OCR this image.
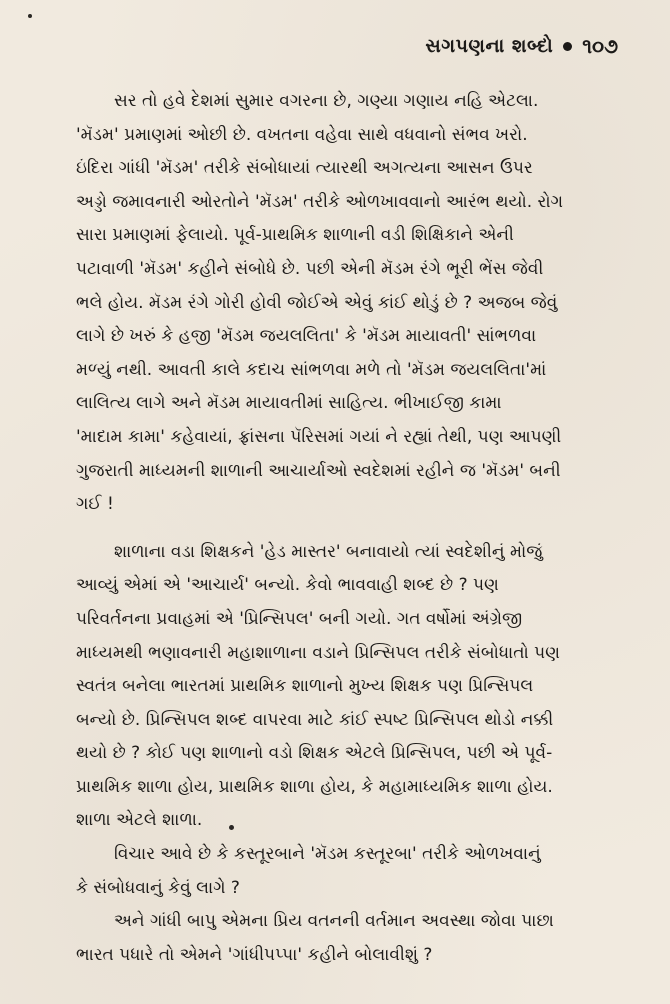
સગપણના શબ્દો ૧૦૭
સર તો હવે દેશમાં સુમાર વગરના છે, ગણ્યા ગણાય નહિ એટલા.
'મૅડમ' પ્રમાણમાં ઓછી છે. વખતના વહેવા સાથે વધવાનો સંભવ ખરો.
ઇંદિરા ગાંધી 'મૅડમ' તરીકે સંબોધાયાં ત્યારથી અગત્યના આસન ઉપર
અડ્ડો જમાવનારી ઓરતોને 'મૅડમ' તરીકે ઓળખાવવાનો આરંભ થયો. રોગ
સારા પ્રમાણમાં ફેલાયો. પૂર્વ-પ્રાથમિક શાળાની વડી શિક્ષિકાને એની
પટાવાળી 'મૅડમ' કહીને સંબોધે છે. પછી એની મૅડમ રંગે ભૂરી ભેંસ જેવી
ભલે હોય. મૅડમ રંગે ગોરી હોવી જોઈએ એવું કાંઈ થોડું છે ? અજબ જેવું
લાગે છે ખરું કે હજી 'મૅડમ જયલલિતા' કે 'મૅડમ માયાવતી' સાંભળવા
મળ્યું નથી. આવતી કાલે કદાચ સાંભળવા મળે તો 'મૅડમ જયલલિતા'માં
લાલિત્ય લાગે અને મૅડમ માયાવતીમાં સાહિત્ય. ભીખાઈજી કામા
'માદામ કામા' કહેવાયાં, ફ્રાંસના પૅરિસમાં ગયાં ને રહ્યાં તેથી, પણ આપણી
ગુજરાતી માધ્યમની શાળાની આચાર્યાઓ સ્વદેશમાં રહીને જ 'મૅડમ' બની
ગઈ !
શાળાના વડા શિક્ષકને 'હેડ માસ્તર' બનાવાયો ત્યાં સ્વદેશીનું મોજું
આવ્યું એમાં એ 'આચાર્ય' બન્યો. કેવો ભાવવાહી શબ્દ છે ? પણ
પરિવર્તનના પ્રવાહમાં એ 'પ્રિન્સિપલ' બની ગયો. ગત વર્ષોમાં અંગ્રેજી
માધ્યમથી ભણાવનારી મહાશાળાના વડાને પ્રિન્સિપલ તરીકે સંબોધાતો પણ
સ્વતંત્ર બનેલા ભારતમાં પ્રાથમિક શાળાનો મુખ્ય શિક્ષક પણ પ્રિન્સિપલ
બન્યો છે. પ્રિન્સિપલ શબ્દ વાપરવા માટે કાંઈ સ્પષ્ટ પ્રિન્સિપલ થોડો નક્કી
થયો છે ? કોઈ પણ શાળાનો વડો શિક્ષક એટલે પ્રિન્સિપલ, પછી એ પૂર્વ-
પ્રાથમિક શાળા હોય, પ્રાથમિક શાળા હોય, કે મહામાધ્યમિક શાળા હોય.
શાળા એટલે શાળા.
વિચાર આવે છે કે કસ્તૂરબાને 'મૅડમ કસ્તૂરબા' તરીકે ઓળખવાનું
કે સંબોધવાનું કેવું લાગે ?
અને ગાંધી બાપુ એમના પ્રિય વતનની વર્તમાન અવસ્થા જોવા પાછા
ભારત પધારે તો એમને 'ગાંધીપપ્પા' કહીને બોલાવીશું ?
